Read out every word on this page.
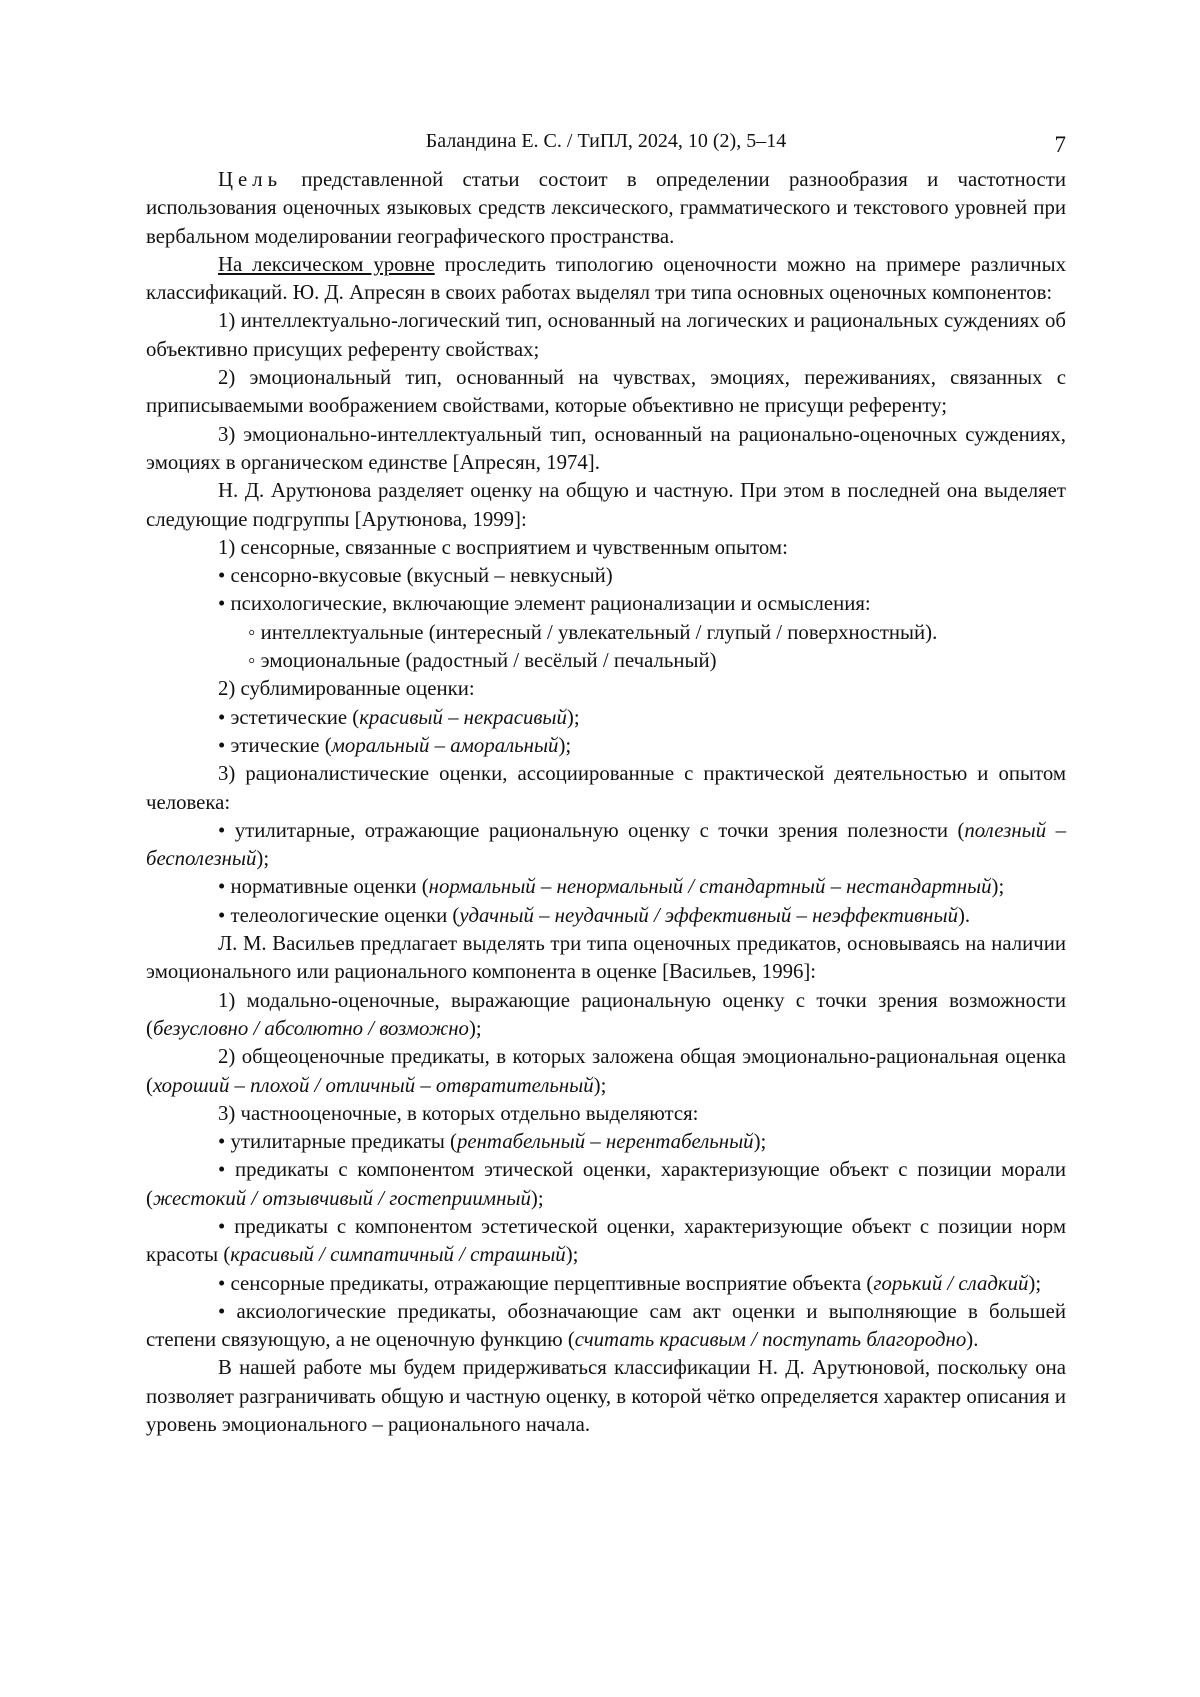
Баландина Е. С. / ТиПЛ, 2024, 10 (2), 5–14	7

Цель представленной статьи состоит в определении разнообразия и частотности использования оценочных языковых средств лексического, грамматического и текстового уровней при вербальном моделировании географического пространства.

На лексическом уровне проследить типологию оценочности можно на примере различных классификаций. Ю. Д. Апресян в своих работах выделял три типа основных оценочных компонентов:

1) интеллектуально-логический тип, основанный на логических и рациональных суждениях об объективно присущих референту свойствах;

2) эмоциональный тип, основанный на чувствах, эмоциях, переживаниях, связанных с приписываемыми воображением свойствами, которые объективно не присущи референту;

3) эмоционально-интеллектуальный тип, основанный на рационально-оценочных суждениях, эмоциях в органическом единстве [Апресян, 1974].

Н. Д. Арутюнова разделяет оценку на общую и частную. При этом в последней она выделяет следующие подгруппы [Арутюнова, 1999]:

1) сенсорные, связанные с восприятием и чувственным опытом:

• сенсорно-вкусовые (вкусный – невкусный)

• психологические, включающие элемент рационализации и осмысления:

◦ интеллектуальные (интересный / увлекательный / глупый / поверхностный).

◦ эмоциональные (радостный / весёлый / печальный)

2) сублимированные оценки:

• эстетические (красивый – некрасивый);

• этические (моральный – аморальный);

3) рационалистические оценки, ассоциированные с практической деятельностью и опытом человека:

• утилитарные, отражающие рациональную оценку с точки зрения полезности (полезный – бесполезный);

• нормативные оценки (нормальный – ненормальный / стандартный – нестандартный);

• телеологические оценки (удачный – неудачный / эффективный – неэффективный).

Л. М. Васильев предлагает выделять три типа оценочных предикатов, основываясь на наличии эмоционального или рационального компонента в оценке [Васильев, 1996]:

1) модально-оценочные, выражающие рациональную оценку с точки зрения возможности (безусловно / абсолютно / возможно);

2) общеоценочные предикаты, в которых заложена общая эмоционально-рациональная оценка (хороший – плохой / отличный – отвратительный);

3) частнооценочные, в которых отдельно выделяются:

• утилитарные предикаты (рентабельный – нерентабельный);

• предикаты с компонентом этической оценки, характеризующие объект с позиции морали (жестокий / отзывчивый / гостеприимный);

• предикаты с компонентом эстетической оценки, характеризующие объект с позиции норм красоты (красивый / симпатичный / страшный);

• сенсорные предикаты, отражающие перцептивные восприятие объекта (горький / сладкий);

• аксиологические предикаты, обозначающие сам акт оценки и выполняющие в большей степени связующую, а не оценочную функцию (считать красивым / поступать благородно).

В нашей работе мы будем придерживаться классификации Н. Д. Арутюновой, поскольку она позволяет разграничивать общую и частную оценку, в которой чётко определяется характер описания и уровень эмоционального – рационального начала.
